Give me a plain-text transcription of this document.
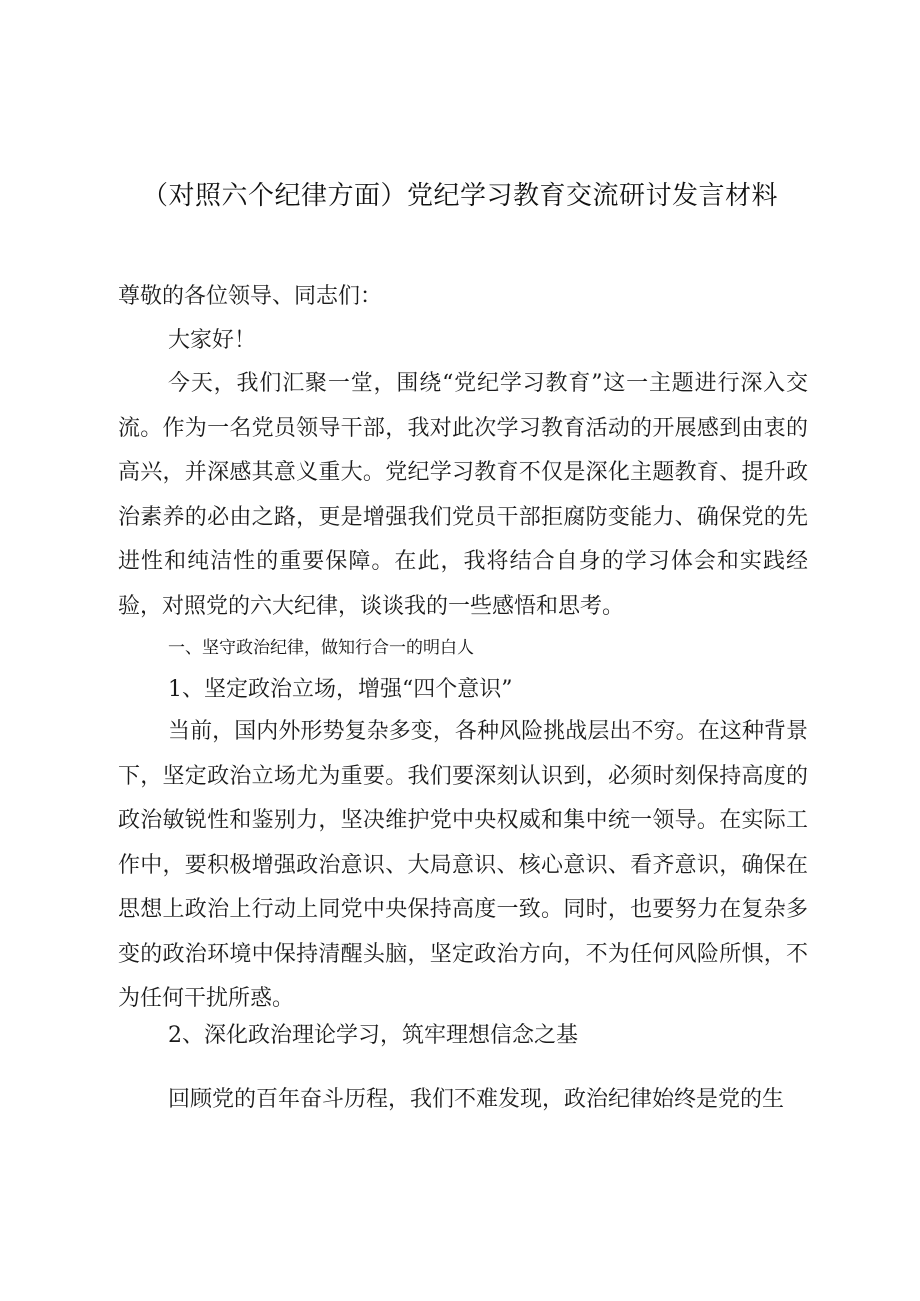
（对照六个纪律方面）党纪学习教育交流研讨发言材料
尊敬的各位领导、同志们：
大家好！
今天，我们汇聚一堂，围绕“党纪学习教育”这一主题进行深入交流。作为一名党员领导干部，我对此次学习教育活动的开展感到由衷的高兴，并深感其意义重大。党纪学习教育不仅是深化主题教育、提升政治素养的必由之路，更是增强我们党员干部拒腐防变能力、确保党的先进性和纯洁性的重要保障。在此，我将结合自身的学习体会和实践经验，对照党的六大纪律，谈谈我的一些感悟和思考。
一、坚守政治纪律，做知行合一的明白人
1、坚定政治立场，增强“四个意识”
当前，国内外形势复杂多变，各种风险挑战层出不穷。在这种背景下，坚定政治立场尤为重要。我们要深刻认识到，必须时刻保持高度的政治敏锐性和鉴别力，坚决维护党中央权威和集中统一领导。在实际工作中，要积极增强政治意识、大局意识、核心意识、看齐意识，确保在思想上政治上行动上同党中央保持高度一致。同时，也要努力在复杂多变的政治环境中保持清醒头脑，坚定政治方向，不为任何风险所惧，不为任何干扰所惑。
2、深化政治理论学习，筑牢理想信念之基
回顾党的百年奋斗历程，我们不难发现，政治纪律始终是党的生
